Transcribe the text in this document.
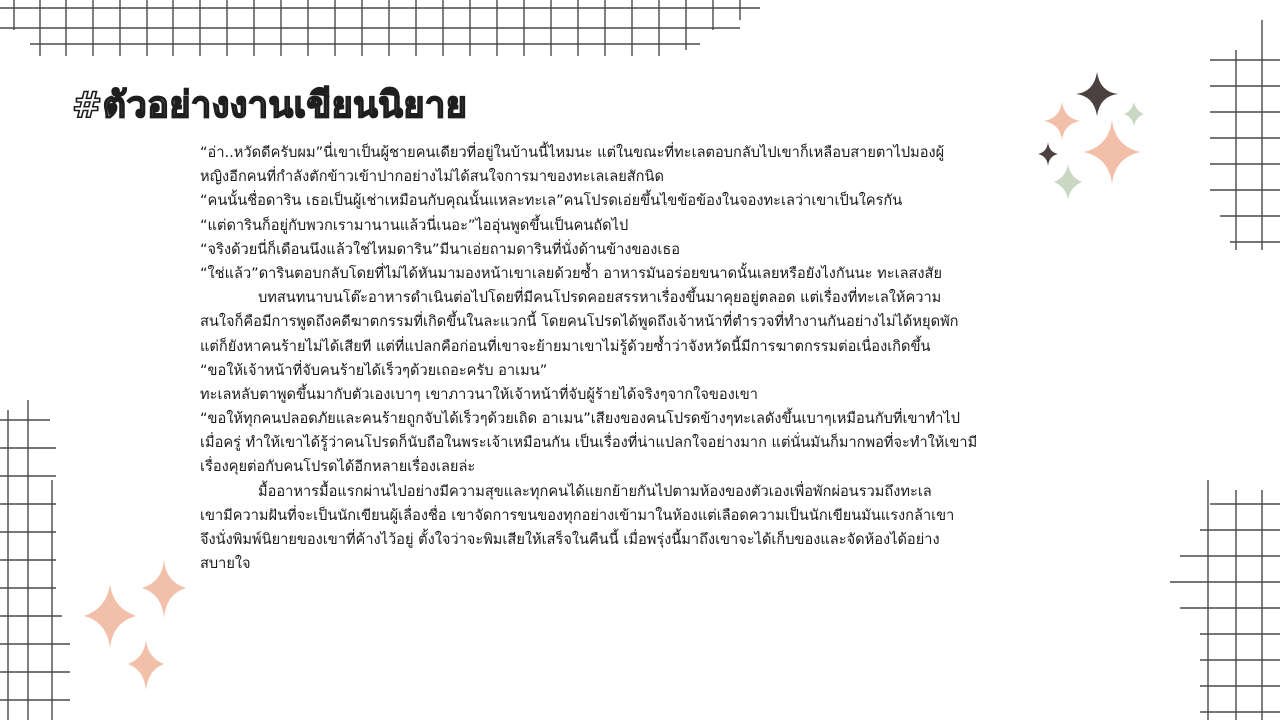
#ตัวอย่างงานเขียนนิยาย
“อ่า..หวัดดีครับผม”นี่เขาเป็นผู้ชายคนเดียวที่อยู่ในบ้านนี้ไหมนะ แต่ในขณะที่ทะเลตอบกลับไปเขาก็เหลือบสายตาไปมองผู้
หญิงอีกคนที่กำลังตักข้าวเข้าปากอย่างไม่ได้สนใจการมาของทะเลเลยสักนิด
“คนนั้นชื่อดาริน เธอเป็นผู้เช่าเหมือนกับคุณนั้นแหละทะเล”คนโปรดเอ่ยขึ้นไขข้อข้องในจองทะเลว่าเขาเป็นใครกัน
“แต่ดารินก็อยู่กับพวกเรามานานแล้วนี่เนอะ”ไออุ่นพูดขึ้นเป็นคนถัดไป
“จริงด้วยนี่ก็เดือนนึงแล้วใช่ไหมดาริน”มีนาเอ่ยถามดารินที่นั่งด้านข้างของเธอ
“ใช่แล้ว”ดารินตอบกลับโดยที่ไม่ได้หันมามองหน้าเขาเลยด้วยซ้ำ อาหารมันอร่อยขนาดนั้นเลยหรือยังไงกันนะ ทะเลสงสัย
บทสนทนาบนโต๊ะอาหารดำเนินต่อไปโดยที่มีคนโปรดคอยสรรหาเรื่องขึ้นมาคุยอยู่ตลอด แต่เรื่องที่ทะเลให้ความ
สนใจก็คือมีการพูดถึงคดีฆาตกรรมที่เกิดขึ้นในละแวกนี้ โดยคนโปรดได้พูดถึงเจ้าหน้าที่ตำรวจที่ทำงานกันอย่างไม่ได้หยุดพัก
แต่ก็ยังหาคนร้ายไม่ได้เสียที แต่ที่แปลกคือก่อนที่เขาจะย้ายมาเขาไม่รู้ด้วยซ้ำว่าจังหวัดนี้มีการฆาตกรรมต่อเนื่องเกิดขึ้น
“ขอให้เจ้าหน้าที่จับคนร้ายได้เร็วๆด้วยเถอะครับ อาเมน”
ทะเลหลับตาพูดขึ้นมากับตัวเองเบาๆ เขาภาวนาให้เจ้าหน้าที่จับผู้ร้ายได้จริงๆจากใจของเขา
“ขอให้ทุกคนปลอดภัยและคนร้ายถูกจับได้เร็วๆด้วยเถิด อาเมน”เสียงของคนโปรดข้างๆทะเลดังขึ้นเบาๆเหมือนกับที่เขาทำไป
เมื่อครู่ ทำให้เขาได้รู้ว่าคนโปรดก็นับถือในพระเจ้าเหมือนกัน เป็นเรื่องที่น่าแปลกใจอย่างมาก แต่นั่นมันก็มากพอที่จะทำให้เขามี
เรื่องคุยต่อกับคนโปรดได้อีกหลายเรื่องเลยล่ะ
มื้ออาหารมื้อแรกผ่านไปอย่างมีความสุขและทุกคนได้แยกย้ายกันไปตามห้องของตัวเองเพื่อพักผ่อนรวมถึงทะเล
เขามีความฝันที่จะเป็นนักเขียนผู้เลื่องชื่อ เขาจัดการขนของทุกอย่างเข้ามาในห้องแต่เลือดความเป็นนักเขียนมันแรงกล้าเขา
จึงนั่งพิมพ์นิยายของเขาที่ค้างไว้อยู่ ตั้งใจว่าจะพิมเสียให้เสร็จในคืนนี้ เมื่อพรุ่งนี้มาถึงเขาจะได้เก็บของและจัดห้องได้อย่าง
สบายใจ
